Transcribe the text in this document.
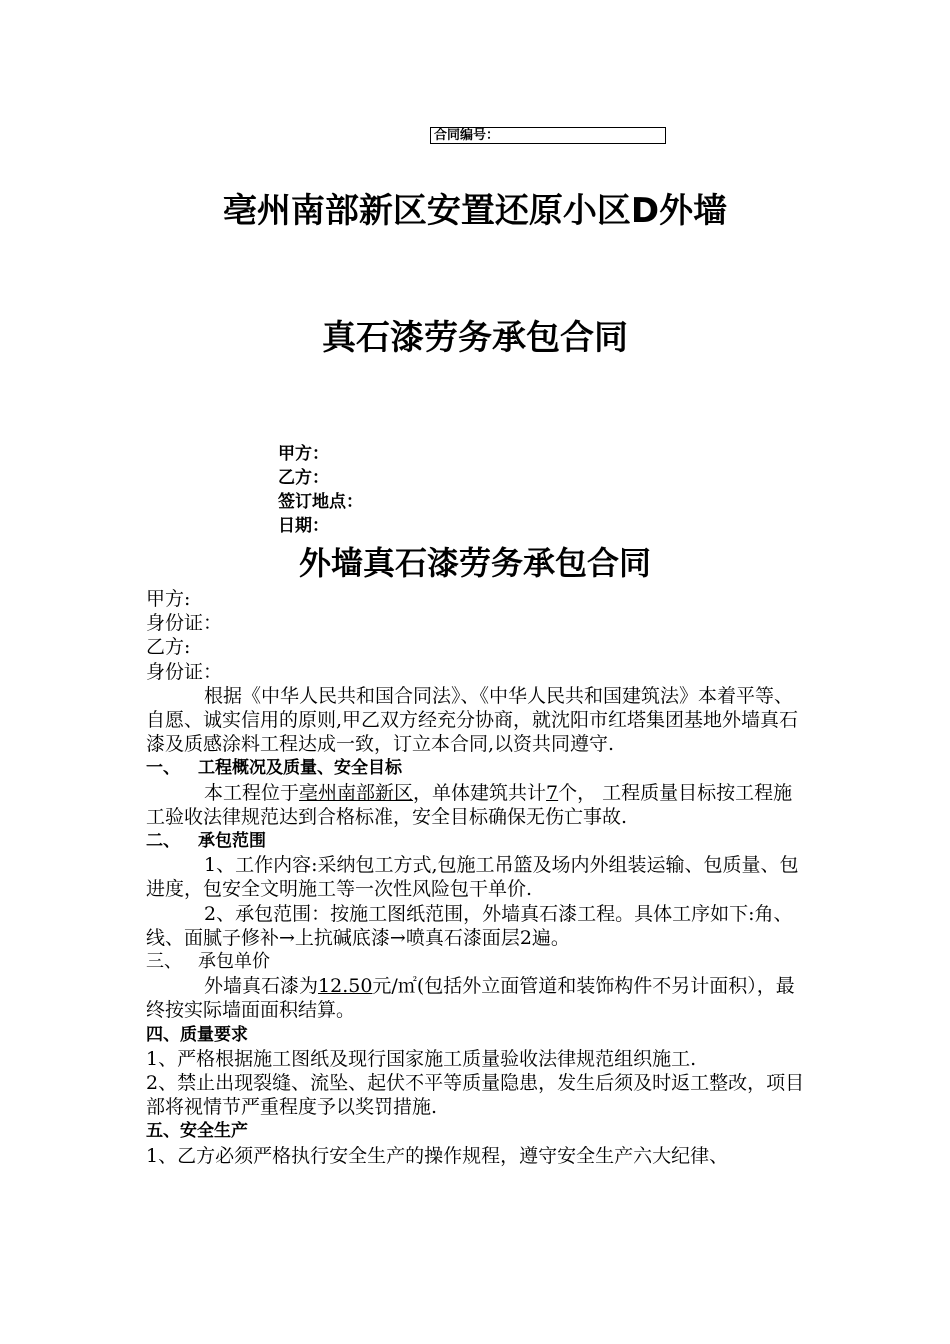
合同编号：
亳州南部新区安置还原小区D外墙
真石漆劳务承包合同
甲方：
乙方：
签订地点：
日期：
外墙真石漆劳务承包合同

甲方:

身份证：

乙方:

身份证：

根据《中华人民共和国合同法》、《中华人民共和国建筑法》本着平等、自愿、诚实信用的原则,甲乙双方经充分协商，就沈阳市红塔集团基地外墙真石漆及质感涂料工程达成一致，订立本合同,以资共同遵守.

一、 工程概况及质量、安全目标

本工程位于亳州南部新区，单体建筑共计7个， 工程质量目标按工程施工验收法律规范达到合格标准，安全目标确保无伤亡事故.

二、 承包范围

1、工作内容:采纳包工方式,包施工吊篮及场内外组装运输、包质量、包进度，包安全文明施工等一次性风险包干单价.

2、承包范围：按施工图纸范围，外墙真石漆工程。具体工序如下:角、线、面腻子修补→上抗碱底漆→喷真石漆面层2遍。

三、 承包单价

外墙真石漆为12.50元/㎡(包括外立面管道和装饰构件不另计面积），最终按实际墙面面积结算。

四、质量要求

1、严格根据施工图纸及现行国家施工质量验收法律规范组织施工.

2、禁止出现裂缝、流坠、起伏不平等质量隐患，发生后须及时返工整改，项目部将视情节严重程度予以奖罚措施.

五、安全生产

1、乙方必须严格执行安全生产的操作规程，遵守安全生产六大纪律、
